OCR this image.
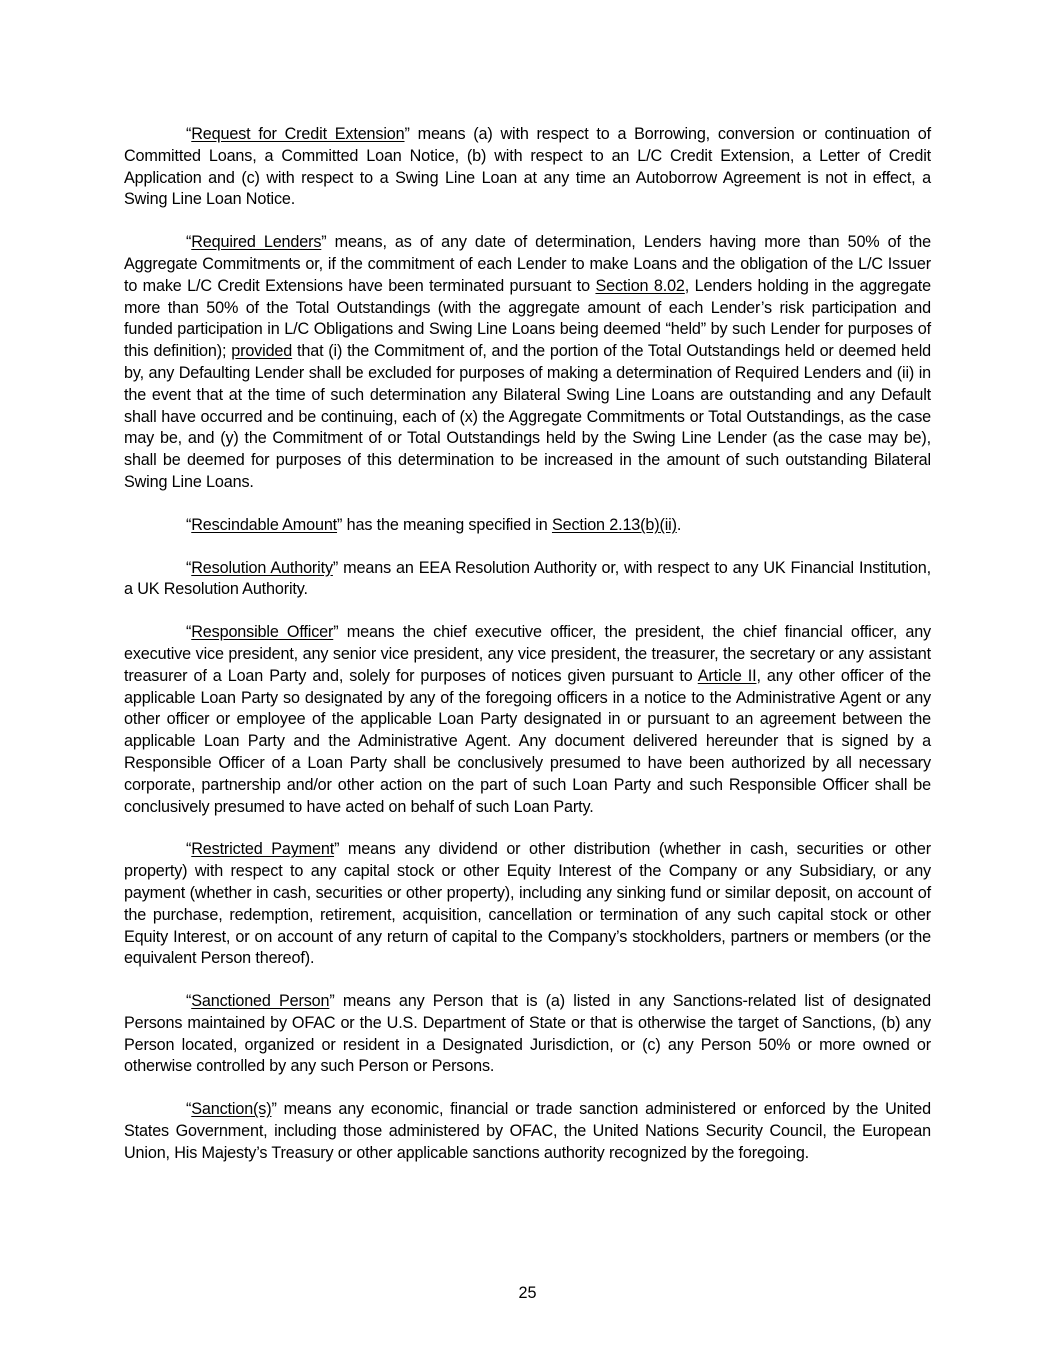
“Request for Credit Extension” means (a) with respect to a Borrowing, conversion or continuation of Committed Loans, a Committed Loan Notice, (b) with respect to an L/C Credit Extension, a Letter of Credit Application and (c) with respect to a Swing Line Loan at any time an Autoborrow Agreement is not in effect, a Swing Line Loan Notice.

“Required Lenders” means, as of any date of determination, Lenders having more than 50% of the Aggregate Commitments or, if the commitment of each Lender to make Loans and the obligation of the L/C Issuer to make L/C Credit Extensions have been terminated pursuant to Section 8.02, Lenders holding in the aggregate more than 50% of the Total Outstandings (with the aggregate amount of each Lender’s risk participation and funded participation in L/C Obligations and Swing Line Loans being deemed “held” by such Lender for purposes of this definition); provided that (i) the Commitment of, and the portion of the Total Outstandings held or deemed held by, any Defaulting Lender shall be excluded for purposes of making a determination of Required Lenders and (ii) in the event that at the time of such determination any Bilateral Swing Line Loans are outstanding and any Default shall have occurred and be continuing, each of (x) the Aggregate Commitments or Total Outstandings, as the case may be, and (y) the Commitment of or Total Outstandings held by the Swing Line Lender (as the case may be), shall be deemed for purposes of this determination to be increased in the amount of such outstanding Bilateral Swing Line Loans.

“Rescindable Amount” has the meaning specified in Section 2.13(b)(ii).

“Resolution Authority” means an EEA Resolution Authority or, with respect to any UK Financial Institution, a UK Resolution Authority.

“Responsible Officer” means the chief executive officer, the president, the chief financial officer, any executive vice president, any senior vice president, any vice president, the treasurer, the secretary or any assistant treasurer of a Loan Party and, solely for purposes of notices given pursuant to Article II, any other officer of the applicable Loan Party so designated by any of the foregoing officers in a notice to the Administrative Agent or any other officer or employee of the applicable Loan Party designated in or pursuant to an agreement between the applicable Loan Party and the Administrative Agent. Any document delivered hereunder that is signed by a Responsible Officer of a Loan Party shall be conclusively presumed to have been authorized by all necessary corporate, partnership and/or other action on the part of such Loan Party and such Responsible Officer shall be conclusively presumed to have acted on behalf of such Loan Party.

“Restricted Payment” means any dividend or other distribution (whether in cash, securities or other property) with respect to any capital stock or other Equity Interest of the Company or any Subsidiary, or any payment (whether in cash, securities or other property), including any sinking fund or similar deposit, on account of the purchase, redemption, retirement, acquisition, cancellation or termination of any such capital stock or other Equity Interest, or on account of any return of capital to the Company’s stockholders, partners or members (or the equivalent Person thereof).

“Sanctioned Person” means any Person that is (a) listed in any Sanctions-related list of designated Persons maintained by OFAC or the U.S. Department of State or that is otherwise the target of Sanctions, (b) any Person located, organized or resident in a Designated Jurisdiction, or (c) any Person 50% or more owned or otherwise controlled by any such Person or Persons.

“Sanction(s)” means any economic, financial or trade sanction administered or enforced by the United States Government, including those administered by OFAC, the United Nations Security Council, the European Union, His Majesty’s Treasury or other applicable sanctions authority recognized by the foregoing.

25
